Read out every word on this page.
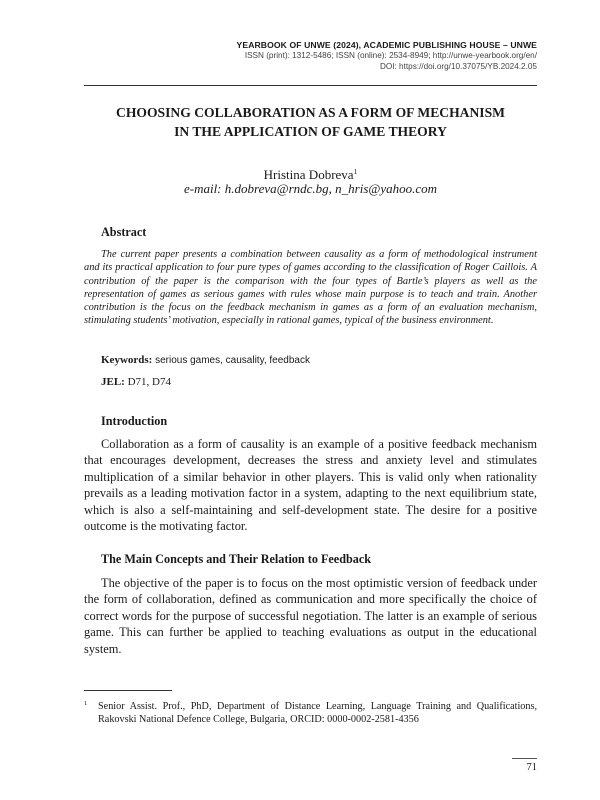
YEARBOOK OF UNWE (2024), ACADEMIC PUBLISHING HOUSE – UNWE
ISSN (print): 1312-5486; ISSN (online): 2534-8949; http://unwe-yearbook.org/en/
DOI: https://doi.org/10.37075/YB.2024.2.05
CHOOSING COLLABORATION AS A FORM OF MECHANISM
IN THE APPLICATION OF GAME THEORY
Hristina Dobreva$^1$
e-mail: h.dobreva@rndc.bg, n_hris@yahoo.com
Abstract
The current paper presents a combination between causality as a form of methodological instrument and its practical application to four pure types of games according to the classification of Roger Caillois. A contribution of the paper is the comparison with the four types of Bartle’s players as well as the representation of games as serious games with rules whose main purpose is to teach and train. Another contribution is the focus on the feedback mechanism in games as a form of an evaluation mechanism, stimulating students’ motivation, especially in rational games, typical of the business environment.
Keywords: serious games, causality, feedback
JEL: D71, D74
Introduction
Collaboration as a form of causality is an example of a positive feedback mechanism that encourages development, decreases the stress and anxiety level and stimulates multiplication of a similar behavior in other players. This is valid only when rationality prevails as a leading motivation factor in a system, adapting to the next equilibrium state, which is also a self-maintaining and self-development state. The desire for a positive outcome is the motivating factor.
The Main Concepts and Their Relation to Feedback
The objective of the paper is to focus on the most optimistic version of feedback under the form of collaboration, defined as communication and more specifically the choice of correct words for the purpose of successful negotiation. The latter is an example of serious game. This can further be applied to teaching evaluations as output in the educational system.
$^1$ Senior Assist. Prof., PhD, Department of Distance Learning, Language Training and Qualifications, Rakovski National Defence College, Bulgaria, ORCID: 0000-0002-2581-4356
71
